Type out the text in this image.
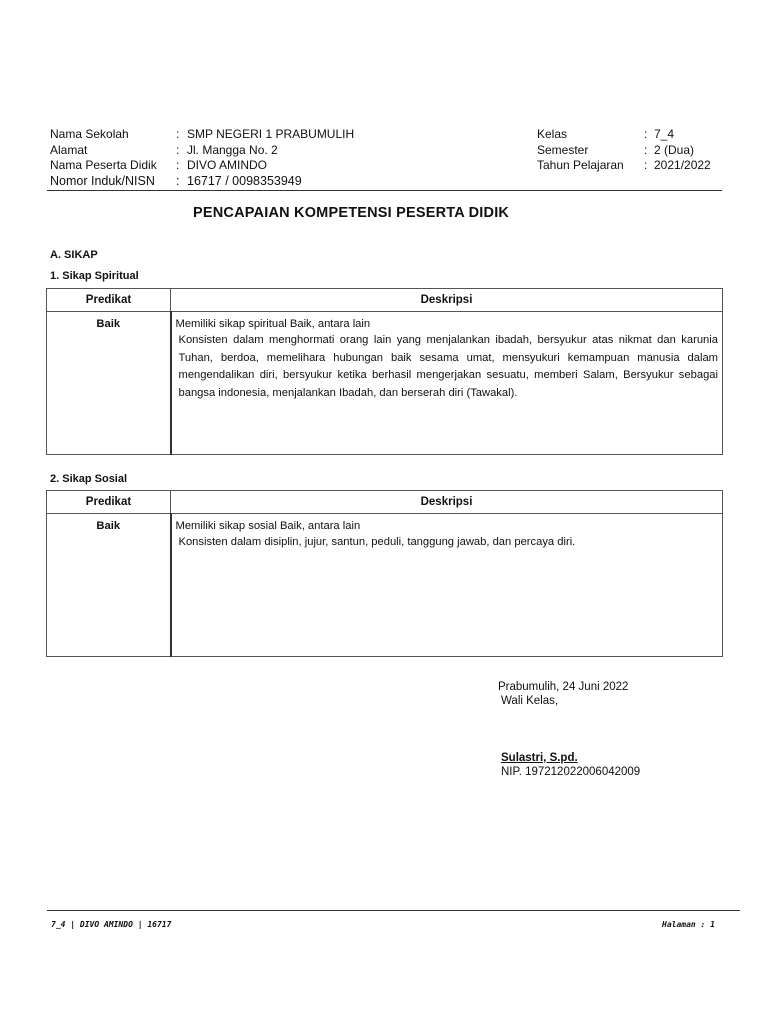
Nama Sekolah	: SMP NEGERI 1 PRABUMULIH
Alamat	: Jl. Mangga No. 2
Nama Peserta Didik	: DIVO AMINDO
Nomor Induk/NISN	: 16717 / 0098353949
Kelas	: 7_4
Semester	: 2 (Dua)
Tahun Pelajaran	: 2021/2022
PENCAPAIAN KOMPETENSI PESERTA DIDIK
A. SIKAP
1. Sikap Spiritual
Predikat	Deskripsi
Baik	Memiliki sikap spiritual Baik, antara lain
Konsisten dalam menghormati orang lain yang menjalankan ibadah, bersyukur atas nikmat dan karunia Tuhan, berdoa, memelihara hubungan baik sesama umat, mensyukuri kemampuan manusia dalam mengendalikan diri, bersyukur ketika berhasil mengerjakan sesuatu, memberi Salam, Bersyukur sebagai bangsa indonesia, menjalankan Ibadah, dan berserah diri (Tawakal).
2. Sikap Sosial
Predikat	Deskripsi
Baik	Memiliki sikap sosial Baik, antara lain
Konsisten dalam disiplin, jujur, santun, peduli, tanggung jawab, dan percaya diri.
Prabumulih, 24 Juni 2022
Wali Kelas,
Sulastri, S.pd.
NIP. 197212022006042009
7_4 | DIVO AMINDO | 16717	Halaman : 1
